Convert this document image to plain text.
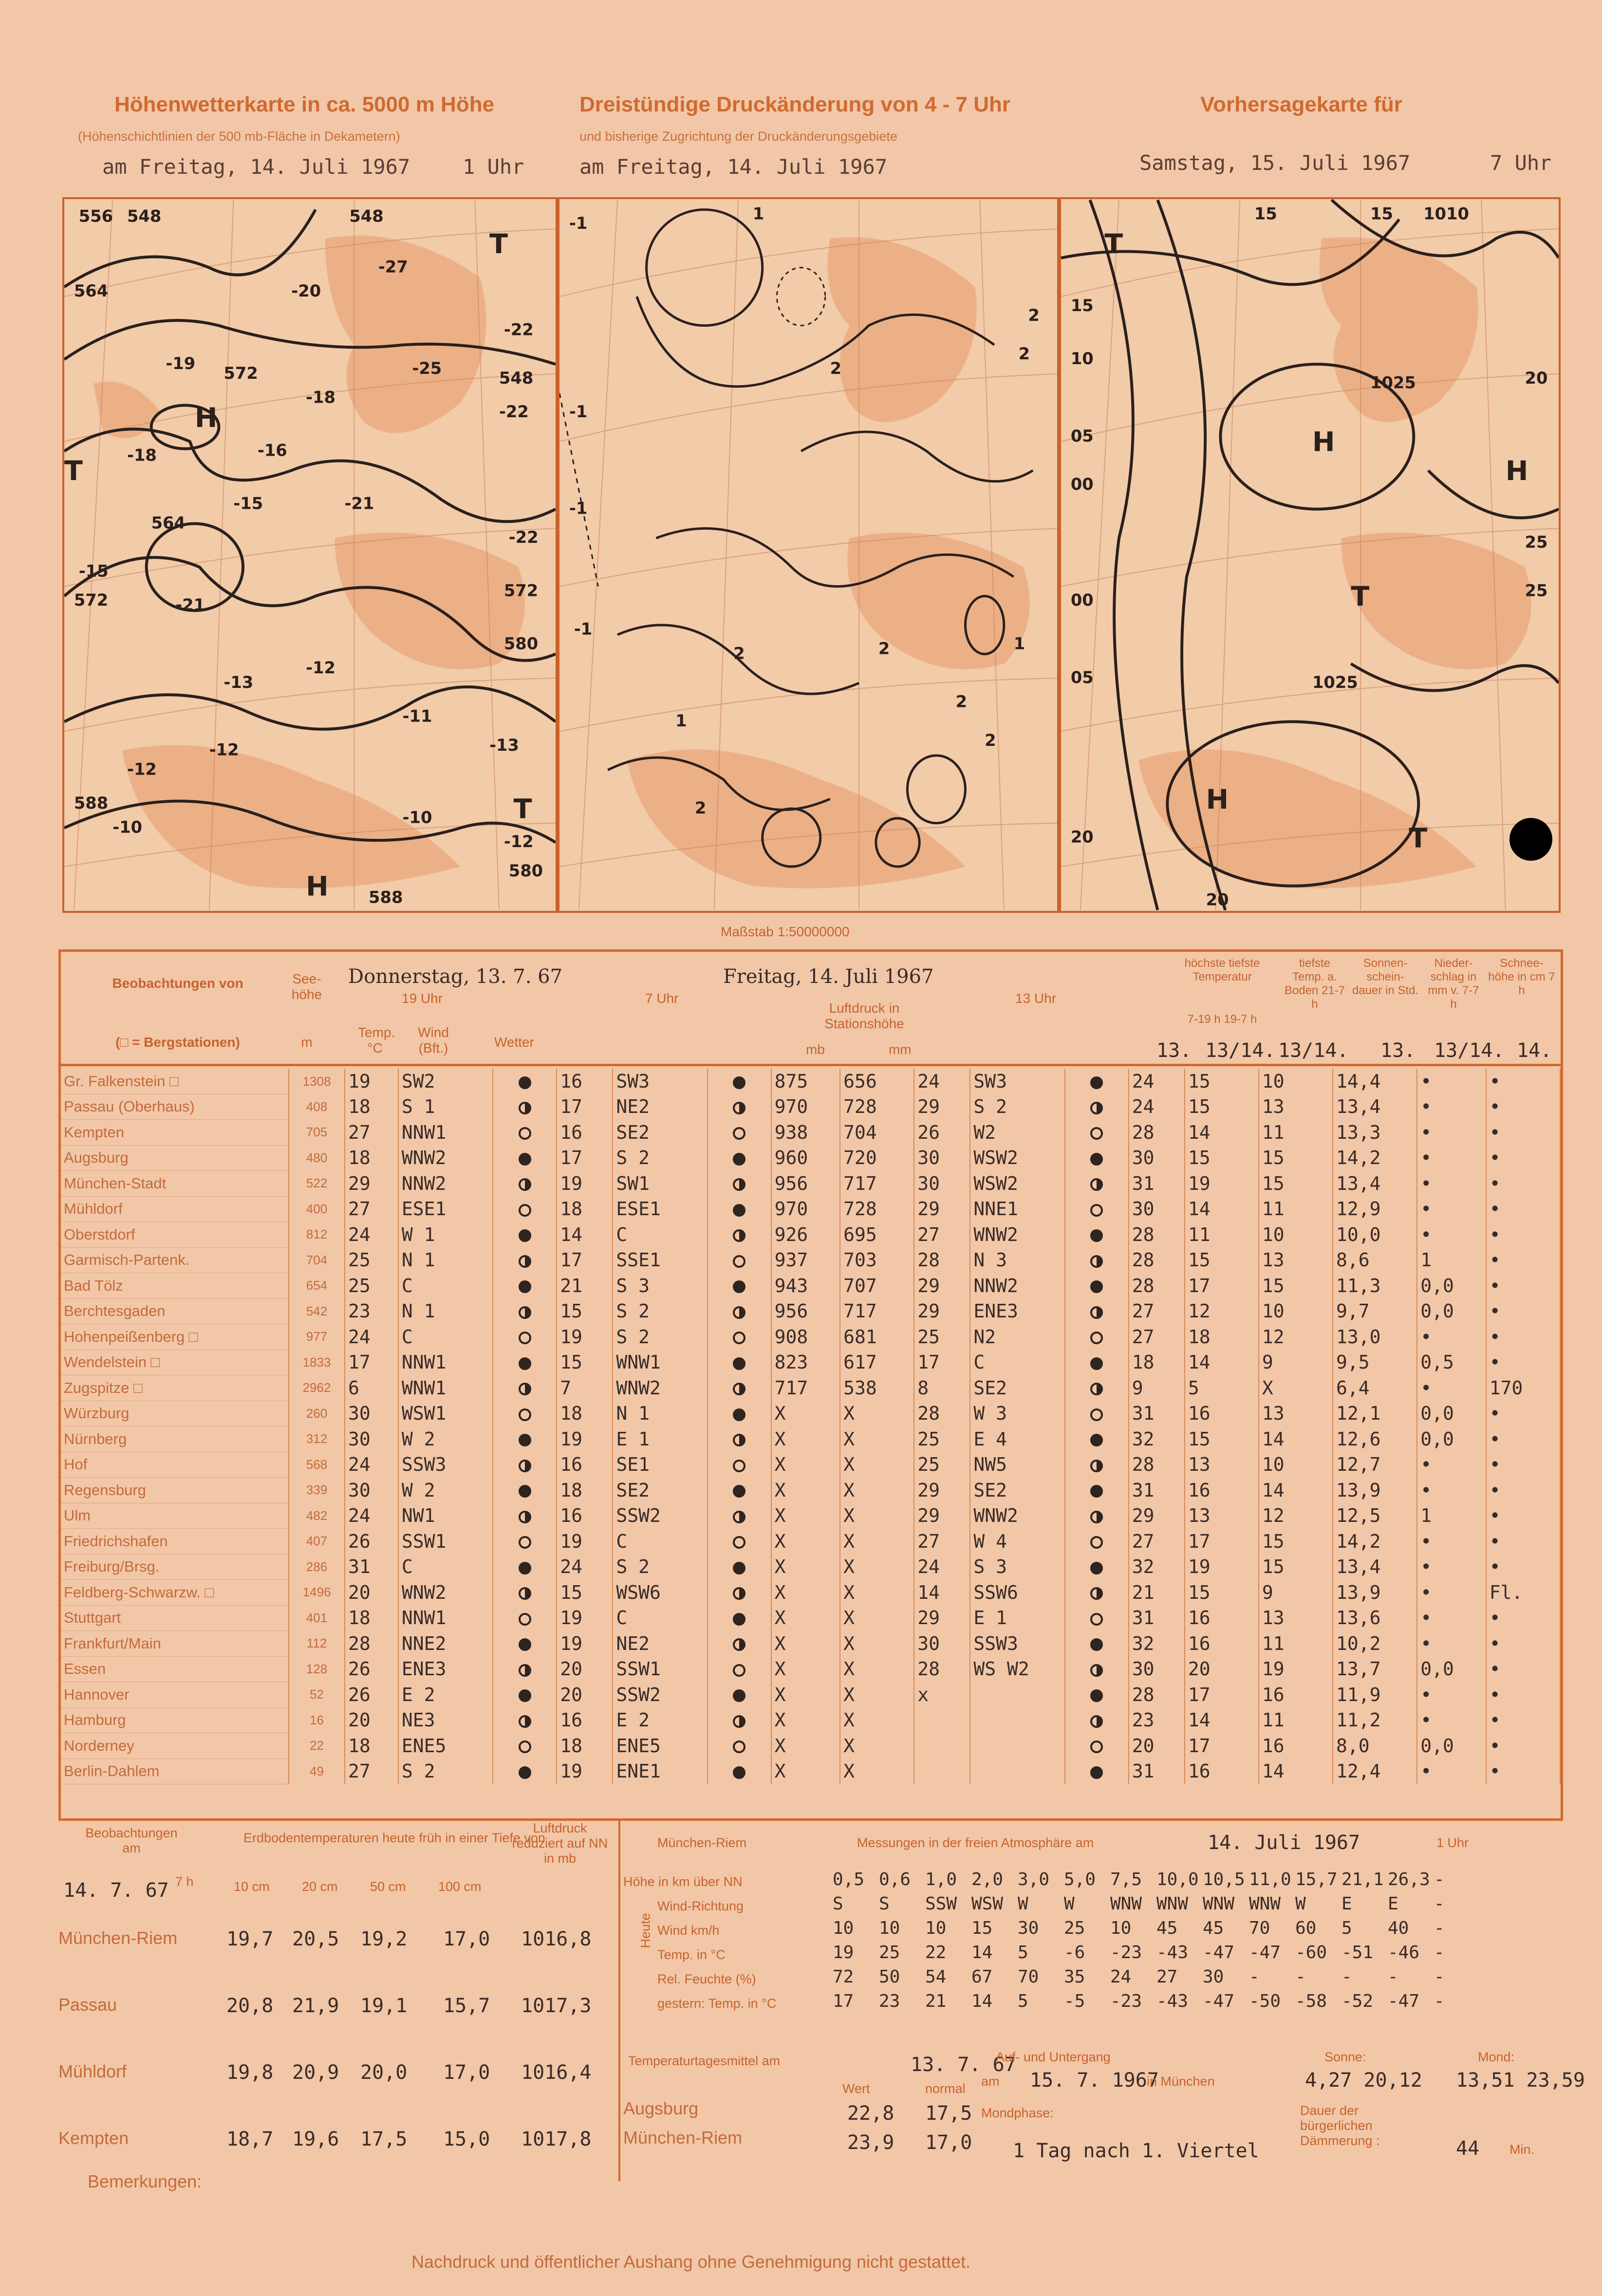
Höhenwetterkarte in ca. 5000 m Höhe
(Höhenschichtlinien der 500 mb-Fläche in Dekametern)
am Freitag, 14. Juli 1967	1 Uhr
Dreistündige Druckänderung von 4 - 7 Uhr
und bisherige Zugrichtung der Druckänderungsgebiete
am Freitag, 14. Juli 1967
Vorhersagekarte für
Samstag, 15. Juli 1967	7 Uhr
556 548	548
-27
-20
-25
564
-19
572
-18
548
-22
-22
-16
-15
-18
-21
564
-15
572	-21
572
-22
580
-13
-12
-12
-11
-13
-12
588
-10
-12
-10
580
588
T
H
T
H
T
-1
1
2
-1
2
2
1
-1
2
2
-1
2
1
2
2
15	15 1010
15
T
20
1025
10
H
05
H
00
25
T
00
25
05	1025
20
H
T
20
Maßstab 1:50000000
Beobachtungen von
(□ = Bergstationen)
See- höhe
m
Donnerstag, 13. 7. 67
19 Uhr
Freitag, 14. Juli 1967
7 Uhr	13 Uhr
Luftdruck in Stationshöhe
mb	mm
Temp. °C
Wind (Bft.)	Wetter
höchste tiefste Temperatur
7-19 h 19-7 h
tiefste Temp. a. Boden 21-7 h
Sonnen- schein- dauer in Std.
Nieder- schlag in mm v. 7-7 h
Schnee- höhe in cm 7 h
13. 13/14. 13/14. 13. 13/14. 14.
Gr. Falkenstein □	1308	19	SW2		16	SW3		875	656	24	SW3		24	15	10	14,4	•	•
Passau (Oberhaus)	408	18	S 1		17	NE2		970	728	29	S 2		24	15	13	13,4	•	•
Kempten	705	27	NNW1		16	SE2		938	704	26	W2		28	14	11	13,3	•	•
Augsburg	480	18	WNW2		17	S 2		960	720	30	WSW2		30	15	15	14,2	•	•
München-Stadt	522	29	NNW2		19	SW1		956	717	30	WSW2		31	19	15	13,4	•	•
Mühldorf	400	27	ESE1		18	ESE1		970	728	29	NNE1		30	14	11	12,9	•	•
Oberstdorf	812	24	W 1		14	C		926	695	27	WNW2		28	11	10	10,0	•	•
Garmisch-Partenk.	704	25	N 1		17	SSE1		937	703	28	N 3		28	15	13	8,6	1	•
Bad Tölz	654	25	C		21	S 3		943	707	29	NNW2		28	17	15	11,3	0,0	•
Berchtesgaden	542	23	N 1		15	S 2		956	717	29	ENE3		27	12	10	9,7	0,0	•
Hohenpeißenberg □	977	24	C		19	S 2		908	681	25	N2		27	18	12	13,0	•	•
Wendelstein □	1833	17	NNW1		15	WNW1		823	617	17	C		18	14	9	9,5	0,5	•
Zugspitze □	2962	6	WNW1		7	WNW2		717	538	8	SE2		9	5	X	6,4	•	170
Würzburg	260	30	WSW1		18	N 1		X	X	28	W 3		31	16	13	12,1	0,0	•
Nürnberg	312	30	W 2		19	E 1		X	X	25	E 4		32	15	14	12,6	0,0	•
Hof	568	24	SSW3		16	SE1		X	X	25	NW5		28	13	10	12,7	•	•
Regensburg	339	30	W 2		18	SE2		X	X	29	SE2		31	16	14	13,9	•	•
Ulm	482	24	NW1		16	SSW2		X	X	29	WNW2		29	13	12	12,5	1	•
Friedrichshafen	407	26	SSW1		19	C		X	X	27	W 4		27	17	15	14,2	•	•
Freiburg/Brsg.	286	31	C		24	S 2		X	X	24	S 3		32	19	15	13,4	•	•
Feldberg-Schwarzw. □	1496	20	WNW2		15	WSW6		X	X	14	SSW6		21	15	9	13,9	•	Fl.
Stuttgart	401	18	NNW1		19	C		X	X	29	E 1		31	16	13	13,6	•	•
Frankfurt/Main	112	28	NNE2		19	NE2		X	X	30	SSW3		32	16	11	10,2	•	•
Essen	128	26	ENE3		20	SSW1		X	X	28	WS W2		30	20	19	13,7	0,0	•
Hannover	52	26	E 2		20	SSW2		X	X	x			28	17	16	11,9	•	•
Hamburg	16	20	NE3		16	E 2		X	X				23	14	11	11,2	•	•
Norderney	22	18	ENE5		18	ENE5		X	X				20	17	16	8,0	0,0	•
Berlin-Dahlem	49	27	S 2		19	ENE1		X	X				31	16	14	12,4	•	•
Beobachtungen am
14. 7. 67 7 h
Erdbodentemperaturen heute früh in einer Tiefe von
10 cm 20 cm 50 cm 100 cm
Luftdruck reduziert auf NN in mb
München-Riem	19,7 20,5 19,2 17,0 1016,8
Passau	20,8 21,9 19,1 15,7 1017,3
Mühldorf	19,8 20,9 20,0 17,0 1016,4
Kempten	18,7 19,6 17,5 15,0 1017,8
München-Riem	Messungen in der freien Atmosphäre am	14. Juli 1967	1 Uhr
Heute
Höhe in km über NN	0,5 0,6 1,0 2,0 3,0 5,0 7,5 10,0 10,5 11,0 15,7 21,1 26,3 -
Wind-Richtung	S S SSW WSW W W WNW WNW WNW WNW W E E -
Wind km/h	10 10 10 15 30 25 10 45 45 70 60 5 40 -
Temp. in °C	19 25 22 14 5 -6 -23 -43 -47 -47 -60 -51 -46 -
Rel. Feuchte (%)	72 50 54 67 70 35 24 27 30 - - - - -
gestern: Temp. in °C	17 23 21 14 5 -5 -23 -43 -47 -50 -58 -52 -47 -
Temperaturtagesmittel am	13. 7. 67
Wert	normal
Augsburg	22,8 17,5
München-Riem	23,9 17,0
Auf- und Untergang
am 15. 7. 1967
in München
Sonne:
4,27 20,12
Mond:
13,51 23,59
Mondphase:
1 Tag nach 1. Viertel
Dauer der bürgerlichen Dämmerung :	44 Min.
Bemerkungen:
Nachdruck und öffentlicher Aushang ohne Genehmigung nicht gestattet.
